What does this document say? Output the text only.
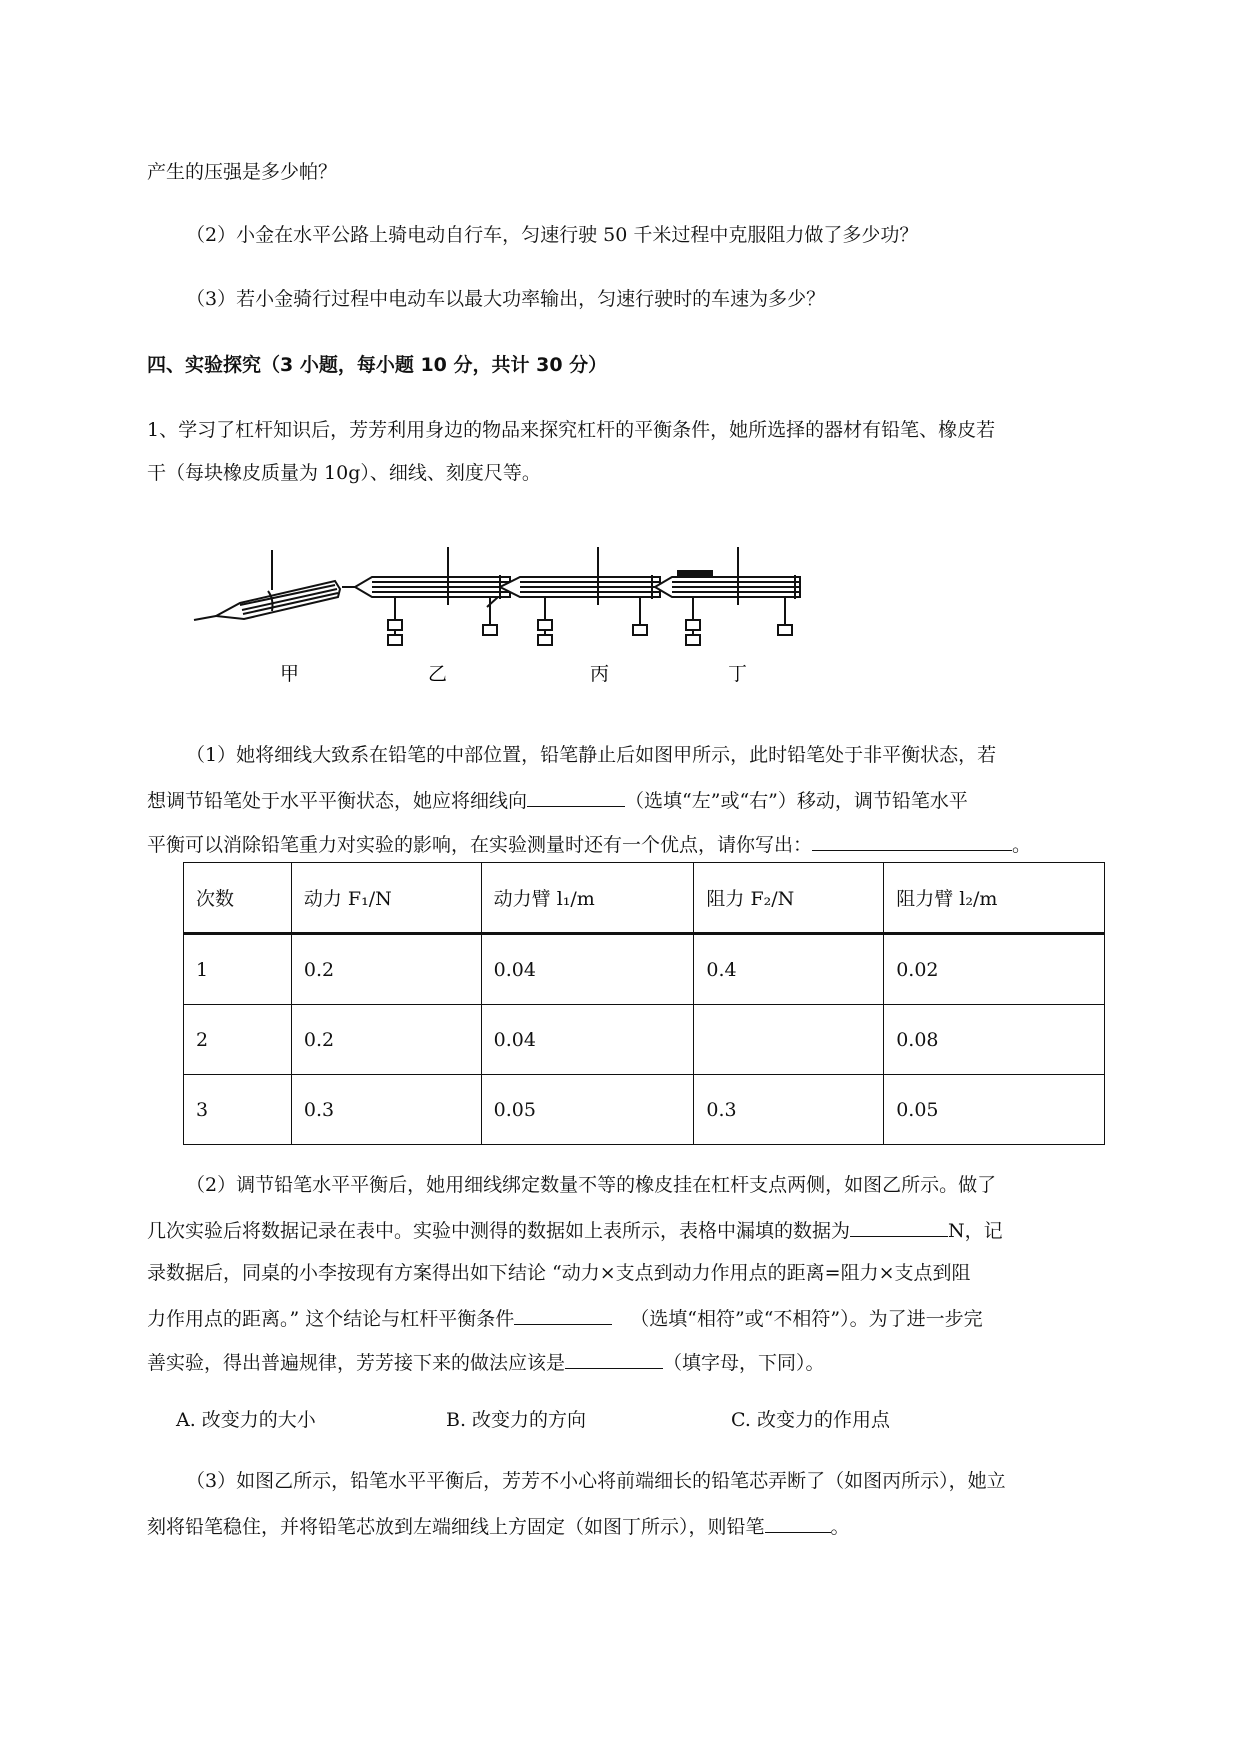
产生的压强是多少帕？
（2）小金在水平公路上骑电动自行车，匀速行驶 50 千米过程中克服阻力做了多少功？
（3）若小金骑行过程中电动车以最大功率输出，匀速行驶时的车速为多少？
四、实验探究（3 小题，每小题 10 分，共计 30 分）
1、学习了杠杆知识后，芳芳利用身边的物品来探究杠杆的平衡条件，她所选择的器材有铅笔、橡皮若
干（每块橡皮质量为 10g）、细线、刻度尺等。
甲	乙	丙	丁
（1）她将细线大致系在铅笔的中部位置，铅笔静止后如图甲所示，此时铅笔处于非平衡状态，若
想调节铅笔处于水平平衡状态，她应将细线向	（选填“左”或“右”）移动，调节铅笔水平
平衡可以消除铅笔重力对实验的影响，在实验测量时还有一个优点，请你写出：	。
次数	动力 F₁/N	动力臂 l₁/m	阻力 F₂/N	阻力臂 l₂/m
1	0.2	0.04	0.4	0.02
2	0.2	0.04		0.08
3	0.3	0.05	0.3	0.05
（2）调节铅笔水平平衡后，她用细线绑定数量不等的橡皮挂在杠杆支点两侧，如图乙所示。做了
几次实验后将数据记录在表中。实验中测得的数据如上表所示，表格中漏填的数据为	N，记
录数据后，同桌的小李按现有方案得出如下结论 “动力×支点到动力作用点的距离=阻力×支点到阻
力作用点的距离。” 这个结论与杠杆平衡条件	（选填“相符”或“不相符”）。为了进一步完
善实验，得出普遍规律，芳芳接下来的做法应该是	（填字母，下同）。
A. 改变力的大小	B. 改变力的方向	C. 改变力的作用点
（3）如图乙所示，铅笔水平平衡后，芳芳不小心将前端细长的铅笔芯弄断了（如图丙所示），她立
刻将铅笔稳住，并将铅笔芯放到左端细线上方固定（如图丁所示），则铅笔	。
